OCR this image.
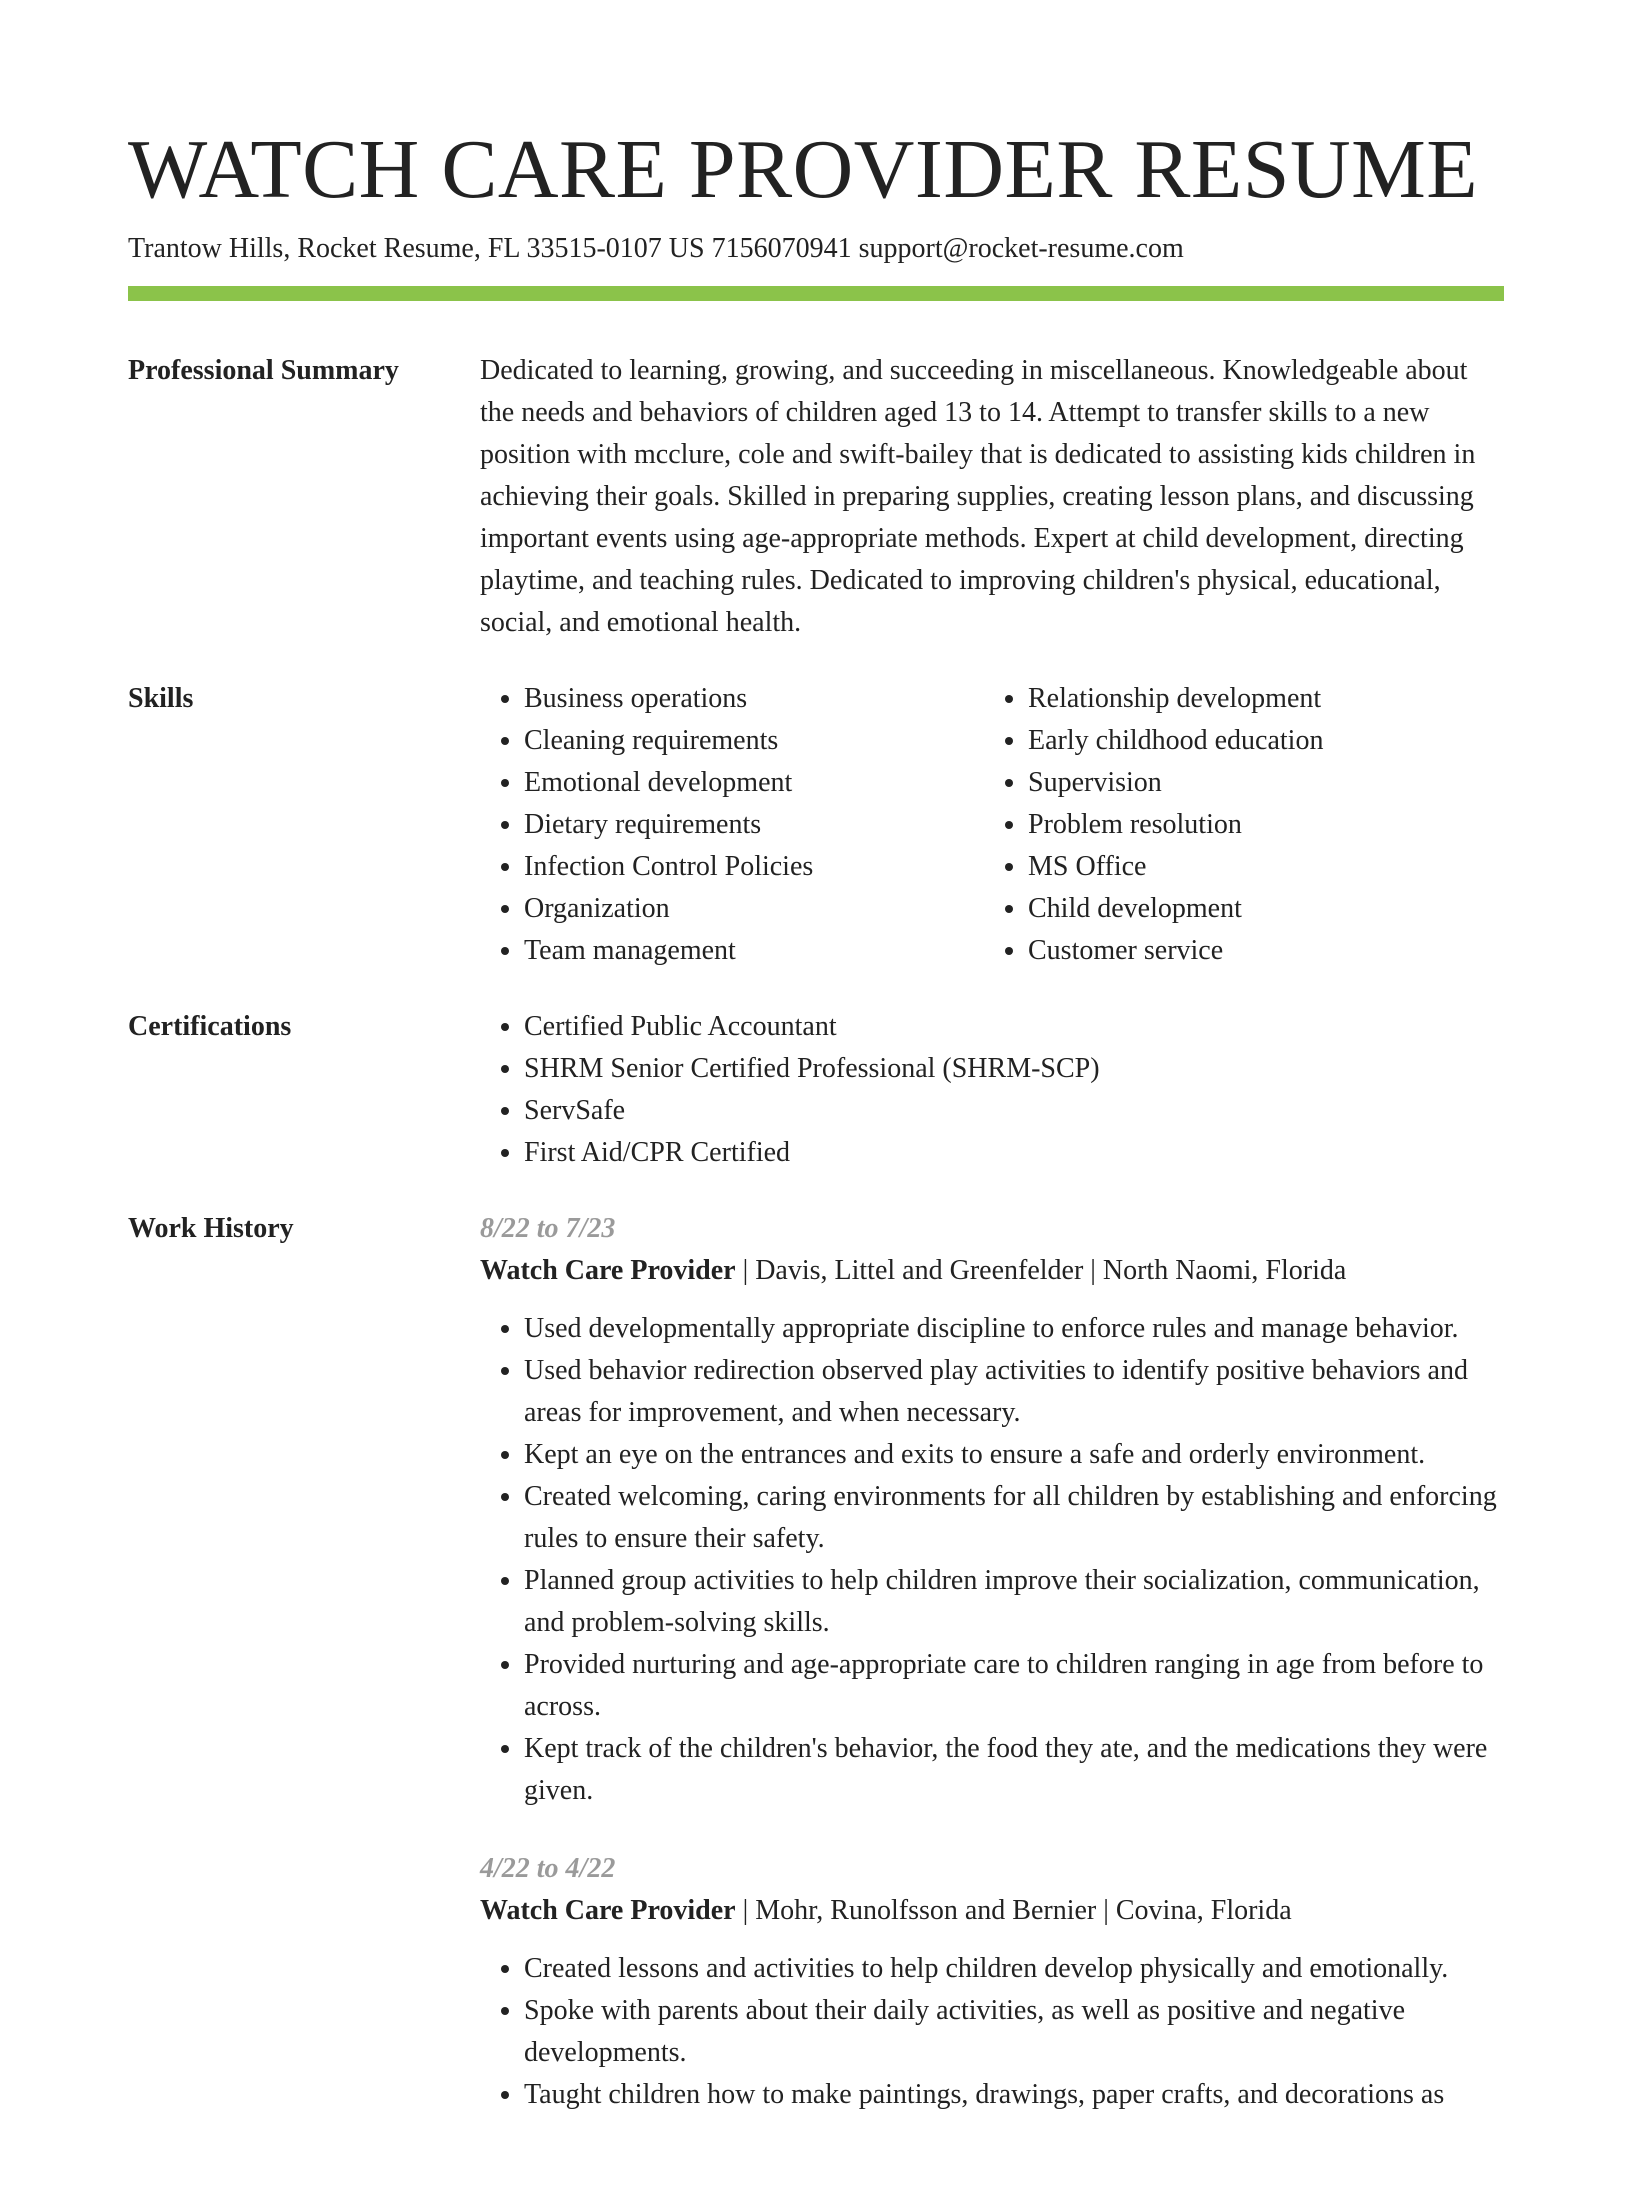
WATCH CARE PROVIDER RESUME
Trantow Hills, Rocket Resume, FL 33515-0107 US 7156070941 support@rocket-resume.com
Professional Summary	Dedicated to learning, growing, and succeeding in miscellaneous. Knowledgeable about the needs and behaviors of children aged 13 to 14. Attempt to transfer skills to a new position with mcclure, cole and swift-bailey that is dedicated to assisting kids children in achieving their goals. Skilled in preparing supplies, creating lesson plans, and discussing important events using age-appropriate methods. Expert at child development, directing playtime, and teaching rules. Dedicated to improving children's physical, educational, social, and emotional health.

Skills	• Business operations
• Cleaning requirements
• Emotional development
• Dietary requirements
• Infection Control Policies
• Organization
• Team management
• Relationship development
• Early childhood education
• Supervision
• Problem resolution
• MS Office
• Child development
• Customer service
Certifications	• Certified Public Accountant
• SHRM Senior Certified Professional (SHRM-SCP)
• ServSafe
• First Aid/CPR Certified
Work History	8/22 to 7/23
Watch Care Provider | Davis, Littel and Greenfelder | North Naomi, Florida
• Used developmentally appropriate discipline to enforce rules and manage behavior.
• Used behavior redirection observed play activities to identify positive behaviors and areas for improvement, and when necessary.
• Kept an eye on the entrances and exits to ensure a safe and orderly environment.
• Created welcoming, caring environments for all children by establishing and enforcing rules to ensure their safety.
• Planned group activities to help children improve their socialization, communication, and problem-solving skills.
• Provided nurturing and age-appropriate care to children ranging in age from before to across.
• Kept track of the children's behavior, the food they ate, and the medications they were given.
4/22 to 4/22
Watch Care Provider | Mohr, Runolfsson and Bernier | Covina, Florida
• Created lessons and activities to help children develop physically and emotionally.
• Spoke with parents about their daily activities, as well as positive and negative developments.
• Taught children how to make paintings, drawings, paper crafts, and decorations as
